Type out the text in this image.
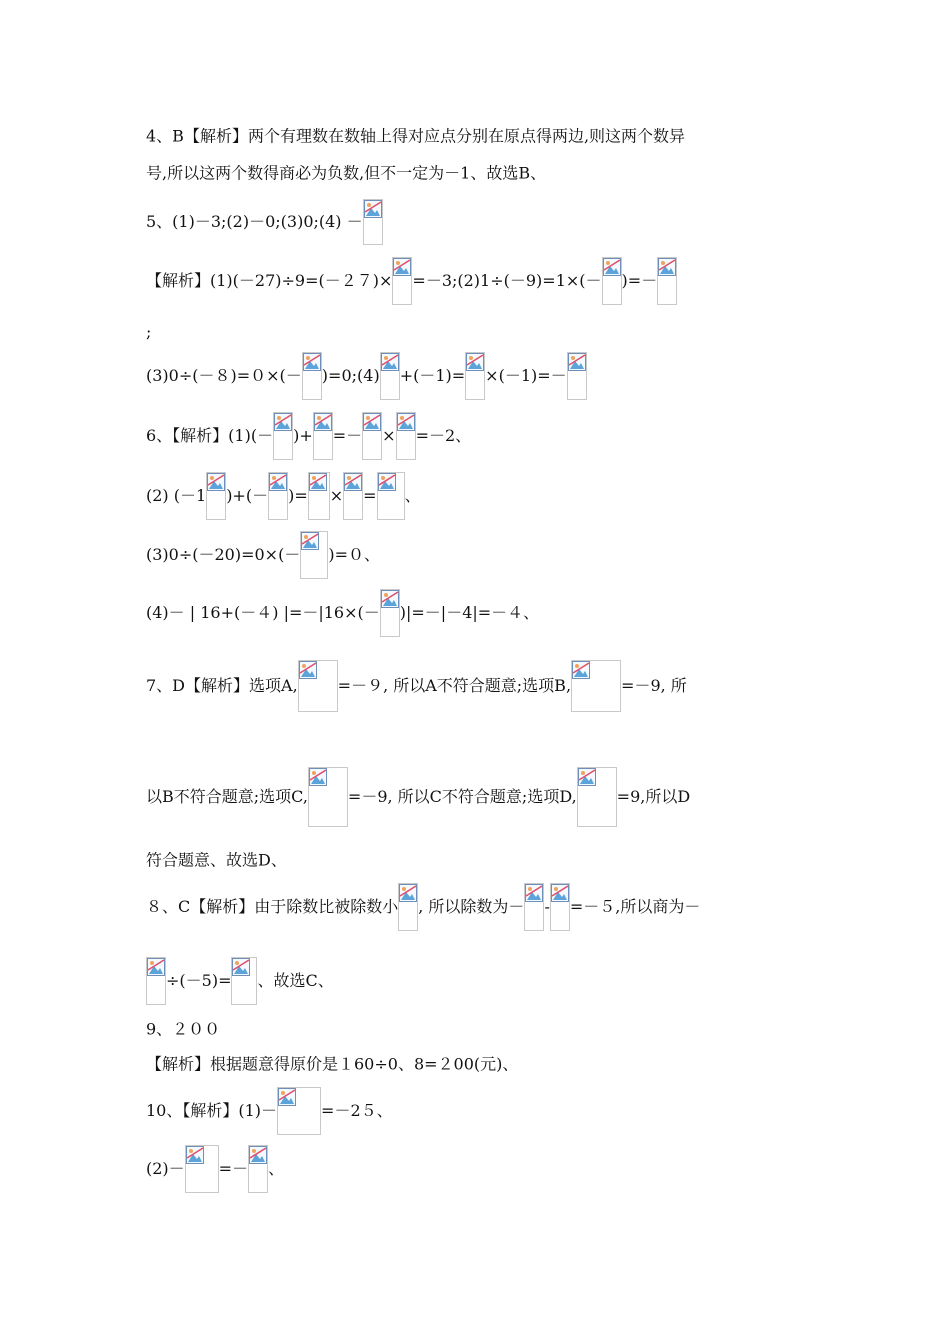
4、B【解析】两个有理数在数轴上得对应点分别在原点得两边,则这两个数异
号,所以这两个数得商必为负数,但不一定为－1、故选B、
5、(1)－3;(2)－0;(3)0;(4) －
【解析】(1)(－27)÷9=(－２７)× =－3;(2)1÷(－9)=1×(－ )=－
;
(3)0÷(－８)=０×(－ )=0;(4) +(－1)= ×(－1)=－
6、【解析】(1)(－ )+ =－ × =－2、
(2) (－1 )+(－ )= × = 、
(3)0÷(－20)=0×(－ )=０、
(4)－ | 16+(－４) |=－|16×(－ )|=－|－4|=－４、
7、D【解析】选项A,	=－９, 所以A不符合题意;选项B,	=－9, 所
以B不符合题意;选项C,	=－9, 所以C不符合题意;选项D,	=9,所以D
符合题意、故选D、
８、C【解析】由于除数比被除数小 , 所以除数为－ - =－５,所以商为－
÷(－5)= 、故选C、
9、２００
【解析】根据题意得原价是１60÷0、8=２00(元)、
10、【解析】(1)－	=－2５、
(2)－ =－ 、
